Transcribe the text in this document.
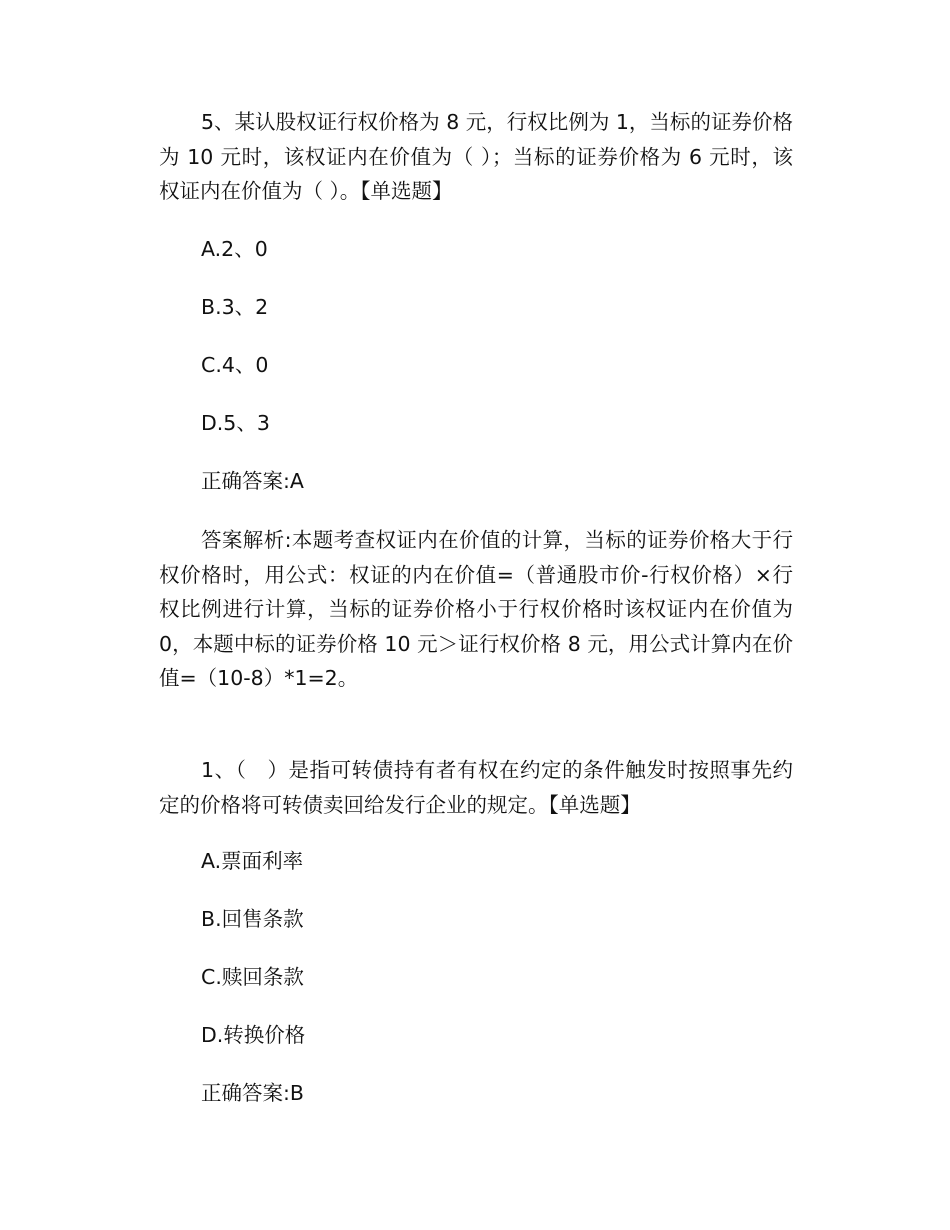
5、某认股权证行权价格为 8 元，行权比例为 1，当标的证券价格为 10 元时，该权证内在价值为（ ）；当标的证券价格为 6 元时，该权证内在价值为（ ）。【单选题】

A.2、0

B.3、2

C.4、0

D.5、3

正确答案:A

答案解析:本题考查权证内在价值的计算，当标的证券价格大于行权价格时，用公式：权证的内在价值=（普通股市价-行权价格）×行权比例进行计算，当标的证券价格小于行权价格时该权证内在价值为 0，本题中标的证券价格 10 元＞证行权价格 8 元，用公式计算内在价值=（10-8）*1=2。

1、（　）是指可转债持有者有权在约定的条件触发时按照事先约定的价格将可转债卖回给发行企业的规定。【单选题】

A.票面利率

B.回售条款

C.赎回条款

D.转换价格

正确答案:B
